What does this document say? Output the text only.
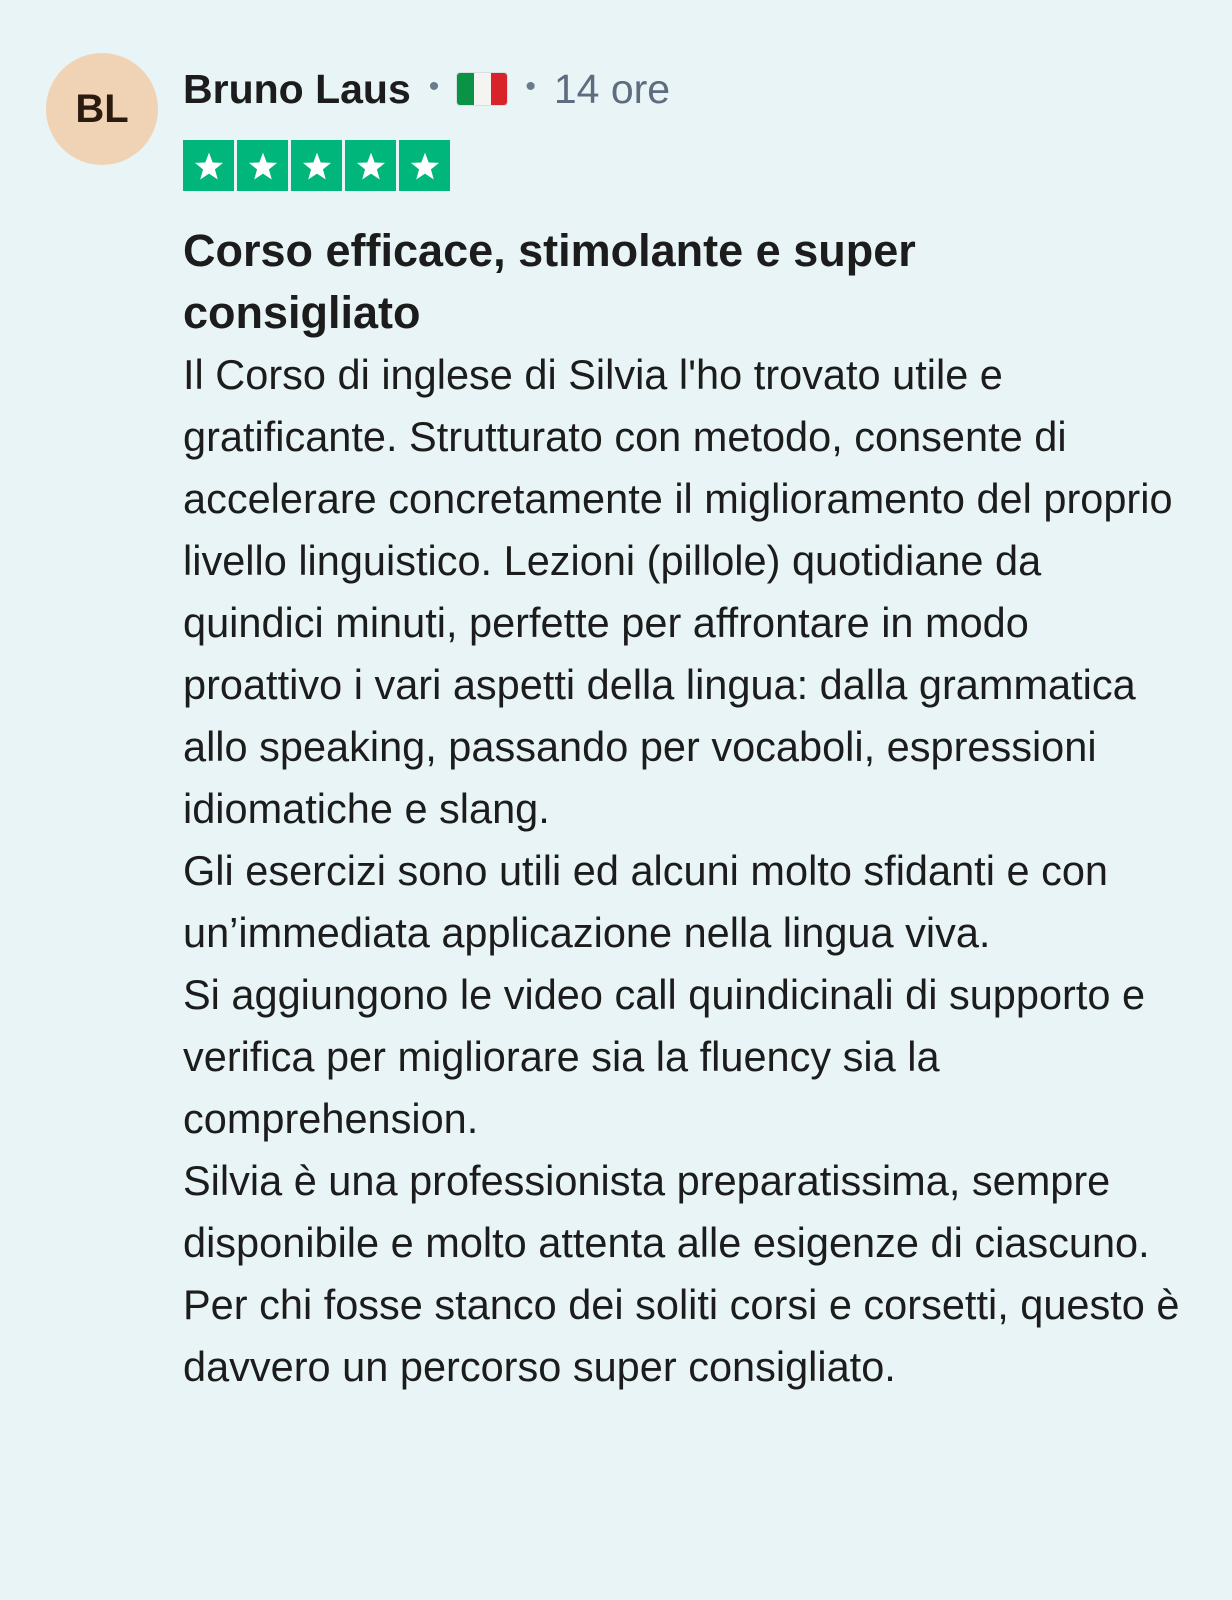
BL	Bruno Laus •	• 14 ore
Corso efficace, stimolante e super consigliato

Il Corso di inglese di Silvia l'ho trovato utile e gratificante. Strutturato con metodo, consente di accelerare concretamente il miglioramento del proprio livello linguistico. Lezioni (pillole) quotidiane da quindici minuti, perfette per affrontare in modo proattivo i vari aspetti della lingua: dalla grammatica allo speaking, passando per vocaboli, espressioni idiomatiche e slang.

Gli esercizi sono utili ed alcuni molto sfidanti e con un’immediata applicazione nella lingua viva.

Si aggiungono le video call quindicinali di supporto e verifica per migliorare sia la fluency sia la comprehension.

Silvia è una professionista preparatissima, sempre disponibile e molto attenta alle esigenze di ciascuno.

Per chi fosse stanco dei soliti corsi e corsetti, questo è davvero un percorso super consigliato.
